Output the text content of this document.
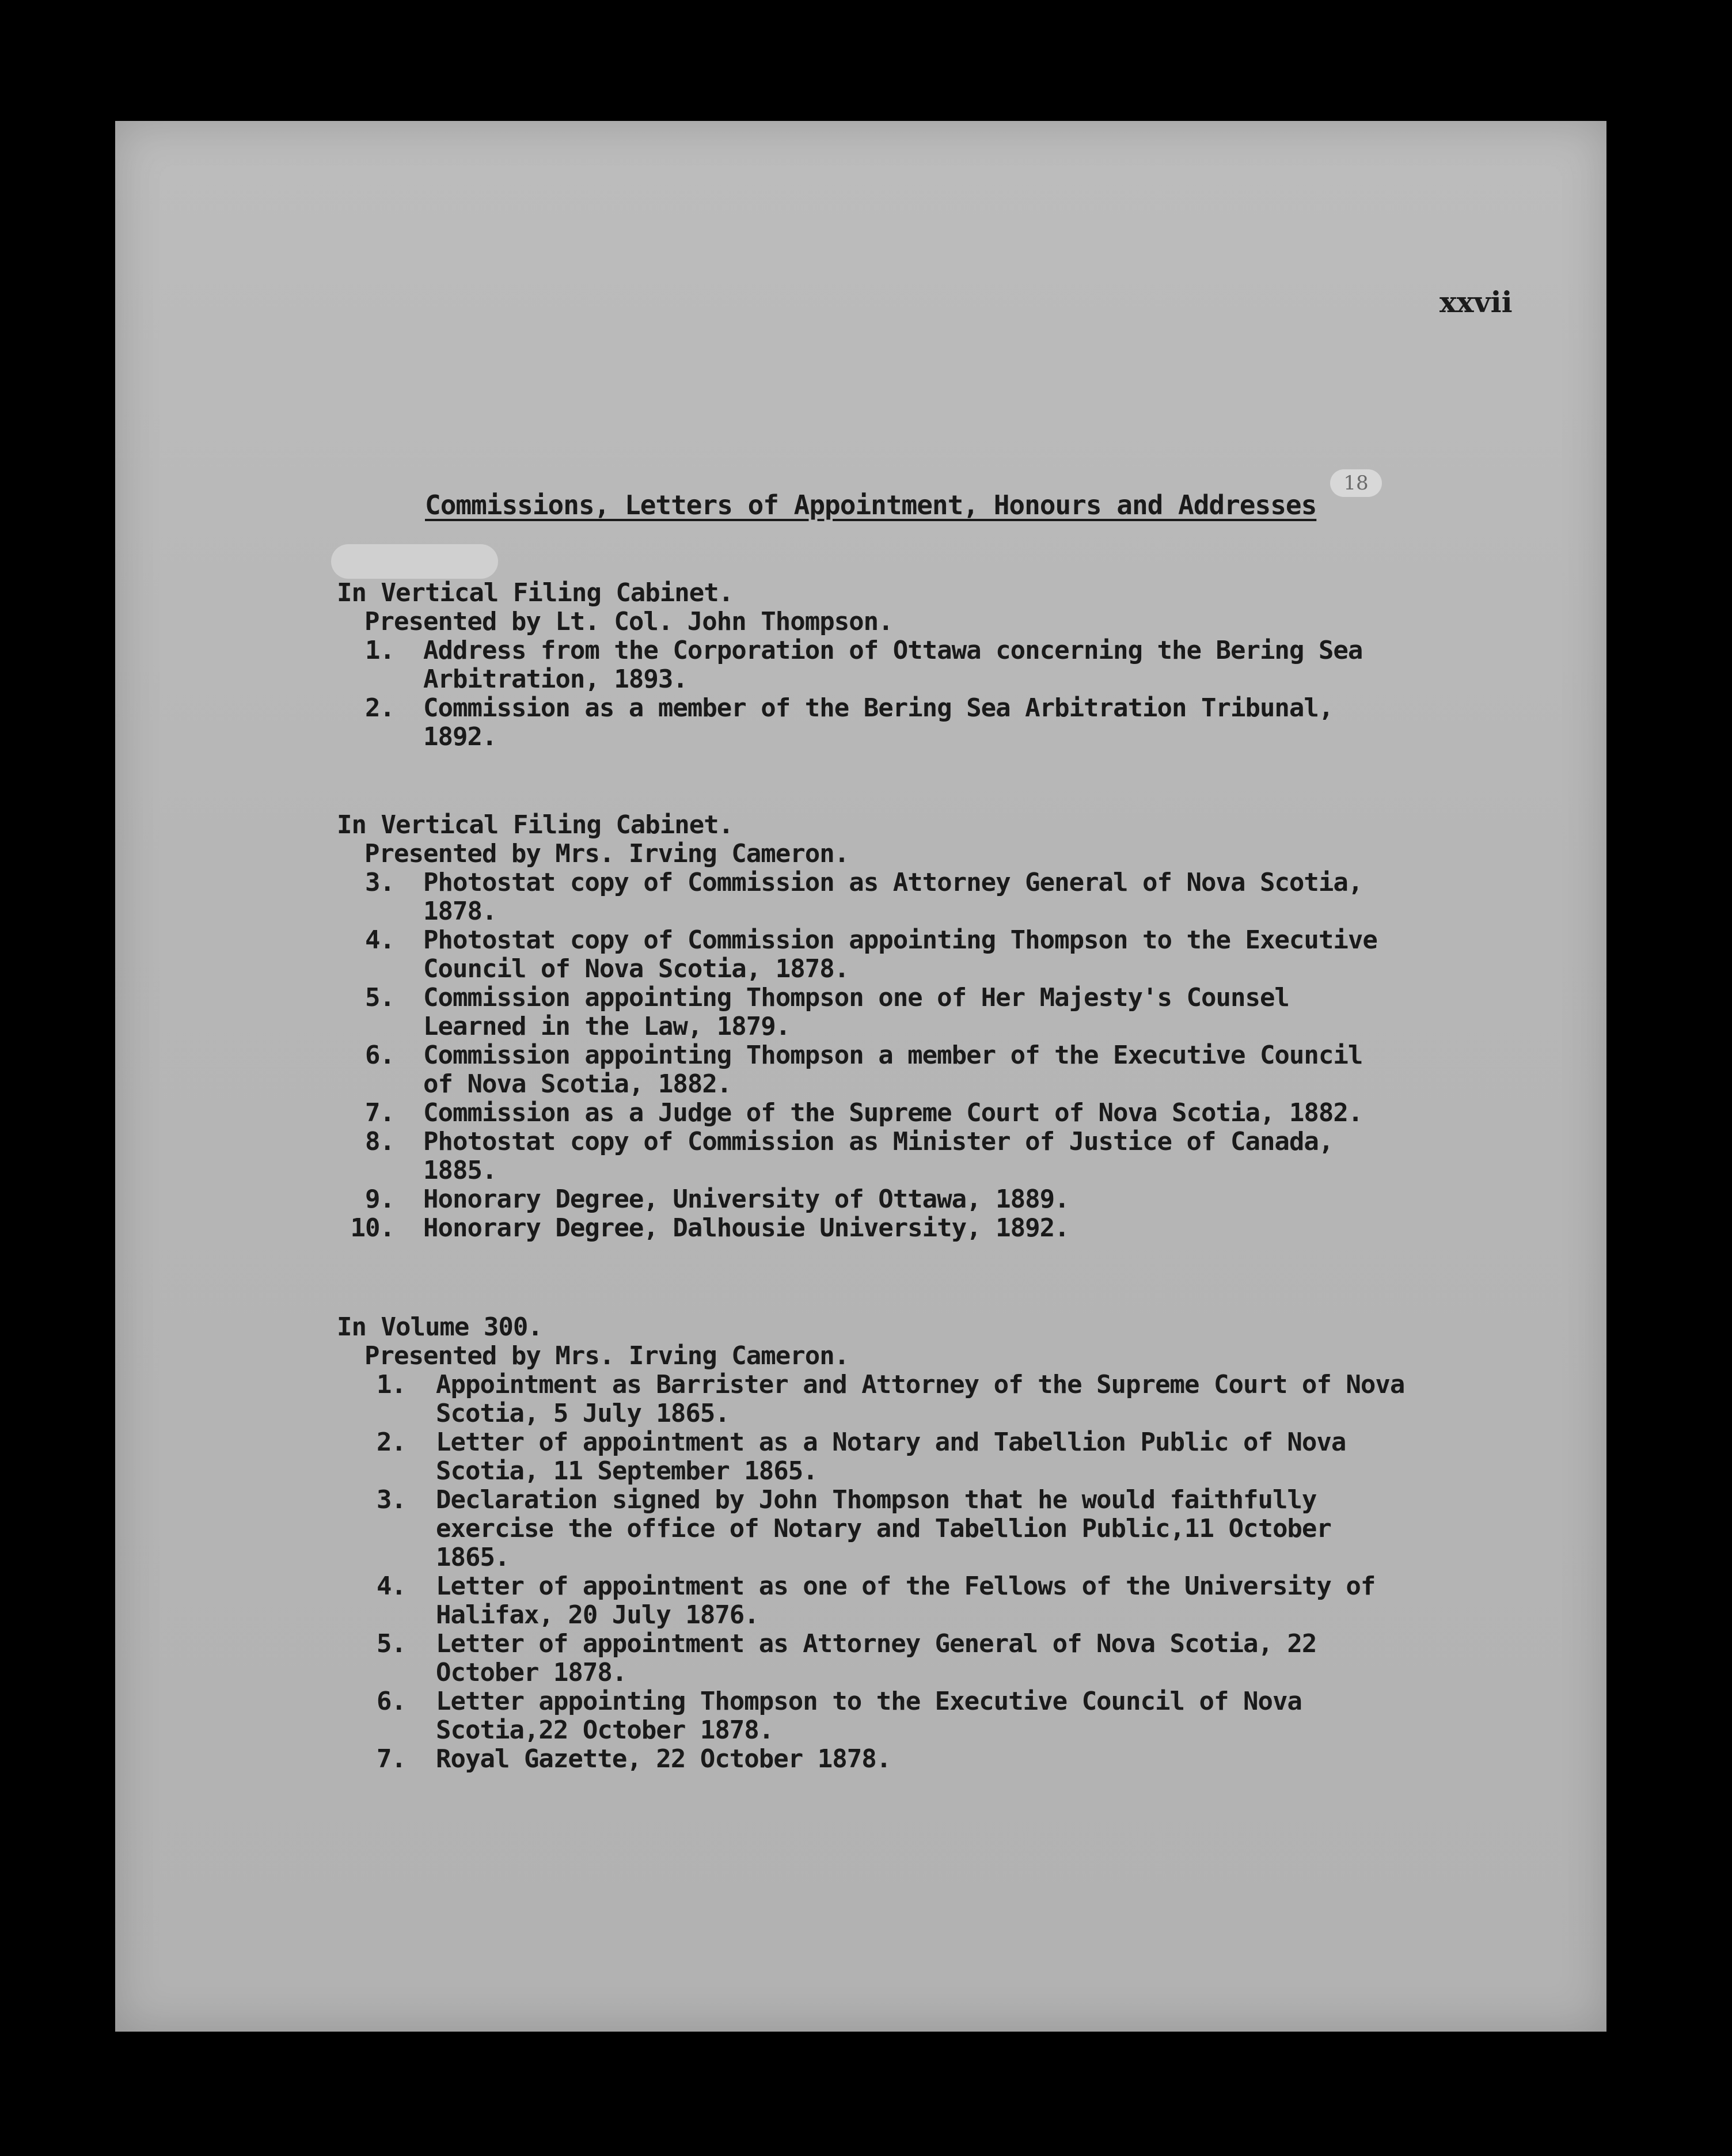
xxvii
18
Commissions, Letters of Appointment, Honours and Addresses
In Vertical Filing Cabinet.
Presented by Lt. Col. John Thompson.
1.	Address from the Corporation of Ottawa concerning the Bering Sea Arbitration, 1893.
2.	Commission as a member of the Bering Sea Arbitration Tribunal, 1892.
In Vertical Filing Cabinet.
Presented by Mrs. Irving Cameron.
3.	Photostat copy of Commission as Attorney General of Nova Scotia, 1878.
4.	Photostat copy of Commission appointing Thompson to the Executive Council of Nova Scotia, 1878.
5.	Commission appointing Thompson one of Her Majesty's Counsel Learned in the Law, 1879.
6.	Commission appointing Thompson a member of the Executive Council of Nova Scotia, 1882.
7.	Commission as a Judge of the Supreme Court of Nova Scotia, 1882.
8.	Photostat copy of Commission as Minister of Justice of Canada, 1885.
9.	Honorary Degree, University of Ottawa, 1889.
10.	Honorary Degree, Dalhousie University, 1892.
In Volume 300.
Presented by Mrs. Irving Cameron.
1.	Appointment as Barrister and Attorney of the Supreme Court of Nova Scotia, 5 July 1865.
2.	Letter of appointment as a Notary and Tabellion Public of Nova Scotia, 11 September 1865.
3.	Declaration signed by John Thompson that he would faithfully exercise the office of Notary and Tabellion Public,11 October 1865.
4.	Letter of appointment as one of the Fellows of the University of Halifax, 20 July 1876.
5.	Letter of appointment as Attorney General of Nova Scotia, 22 October 1878.
6.	Letter appointing Thompson to the Executive Council of Nova Scotia,22 October 1878.
7.	Royal Gazette, 22 October 1878.
